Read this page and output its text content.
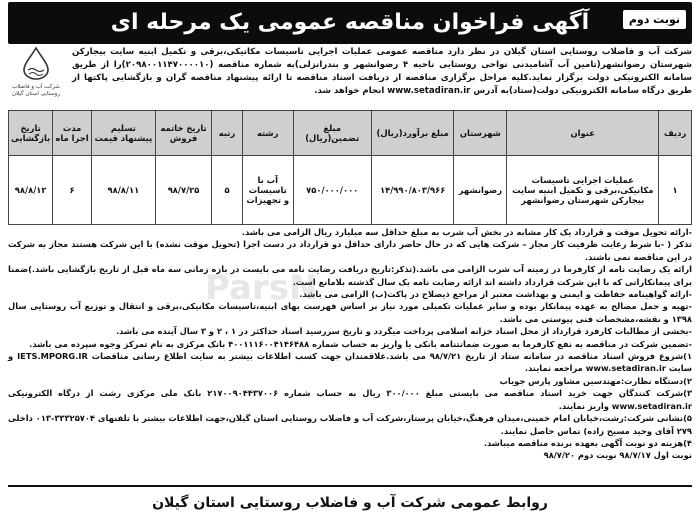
نوبت دوم
آگهی فراخوان مناقصه عمومی یک مرحله ای
شرکت آب و فاضلاب روستایی استان گیلان
شرکت آب و فاضلاب روستایی استان گیلان در نظر دارد مناقصه عمومی عملیات اجرایی تاسیسات مکانیکی،برقی و تکمیل ابنیه سایت بیجارکن شهرستان رضوانشهر(تامین آب آشامیدنی نواحی روستایی ناحیه ۴ رضوانشهر و بندرانزلی)به شماره مناقصه (۲۰۹۸۰۰۱۱۴۷۰۰۰۰۱۰)را از طریق سامانه الکترونیکی دولت برگزار نماید.کلیه مراحل برگزاری مناقصه از دریافت اسناد مناقصه تا ارائه پیشنهاد مناقصه گران و بازگشایی پاکتها از طریق درگاه سامانه الکترونیکی دولت(ستاد)به آدرس www.setadiran.ir انجام خواهد شد.
ردیف	عنوان	شهرستان	مبلغ برآورد(ریال)	مبلغ تضمین(ریال)	رشته	رتبه	تاریخ خاتمه فروش	تسلیم پیشنهاد قیمت	مدت اجرا ماه	تاریخ بازگشایی
۱	عملیات اجرایی تاسیسات مکانیکی،برقی و تکمیل ابنیه سایت بیجارکن شهرستان رضوانشهر	رضوانشهر	۱۴/۹۹۰/۸۰۳/۹۶۶	۷۵۰/۰۰۰/۰۰۰	آب با تاسیسات و تجهیزات	۵	۹۸/۷/۲۵	۹۸/۸/۱۱	۶	۹۸/۸/۱۲

-ارائه تحویل موقت و قرارداد یک کار مشابه در بخش آب شرب به مبلغ حداقل سه میلیارد ریال الزامی می باشد.

تذکر ( -با شرط رعایت ظرفیت کار مجاز – شرکت هایی که در حال حاضر دارای حداقل دو قرارداد در دست اجرا (تحویل موقت نشده) با این شرکت هستند مجاز به شرکت در این مناقصه نمی باشند.

ارائه یک رضایت نامه از کارفرما در زمینه آب شرب الزامی می باشد.(تذکر:تاریخ دریافت رضایت نامه می بایست در بازه زمانی سه ماه قبل از تاریخ بازگشایی باشد.)ضمنا برای پیمانکارانی که با این شرکت قرارداد داشته اند ارائه رضایت نامه یک سال گذشته بلامانع است.

-ارائه گواهینامه حفاظت و ایمنی و بهداشت معتبر از مراجع ذیصلاح در پاکت(ب) الزامی می باشد.

-تهیه و حمل مصالح به عهده پیمانکار بوده و سایر عملیات تکمیلی مورد نیاز بر اساس فهرست بهای ابنیه،تاسیسات مکانیکی،برقی و انتقال و توزیع آب روستایی سال ۱۳۹۸ و نقشه،مشخصات فنی پیوستی می باشد.

-بخشی از مطالبات کارفرد قرارداد از محل اسناد خزانه اسلامی پرداخت میگردد و تاریخ سررسید اسناد حداکثر در ۱ ، ۲ و ۳ سال آینده می باشد.

-تضمین شرکت در مناقصه به نفع کارفرما به صورت ضمانتنامه بانکی یا واریز به حساب شماره ۴۰۰۱۱۱۶۰۰۴۱۴۶۴۸۸ بانک مرکزی به نام تمرکز وجوه سپرده می باشد.

۱)شروع فروش اسناد مناقصه در سامانه ستاد از تاریخ ۹۸/۷/۲۱ می باشد.علاقمندان جهت کسب اطلاعات بیشتر به سایت اطلاع رسانی مناقصات IETS.MPORG.IR و سایت www.setadiran.ir مراجعه نمایند.

۲)دستگاه نظارت:مهندسین مشاور پارس جویاب

۳)شرکت کنندگان جهت خرید اسناد مناقصه می بایستی مبلغ ۳۰۰/۰۰۰ ریال به حساب شماره ۲۱۷۰۰۹۰۴۴۳۷۰۰۶ بانک ملی مرکزی رشت از درگاه الکترونیکی www.setadiran.ir واریز نمایند.

۵)نشانی شرکت:رشت،خیابان امام خمینی،میدان فرهنگ،خیابان پرستار،شرکت آب و فاضلاب روستایی استان گیلان،جهت اطلاعات بیشتر با تلفنهای ۳۳۳۲۵۷۰۴-۰۱۳ داخلی ۲۷۹ آقای وحید مسیح زاده) تماس حاصل نمایند.

۴)هزینه دو نوبت آگهی بعهده برنده مناقصه میباشد.

نوبت اول ۹۸/۷/۱۷ نوبت دوم ۹۸/۷/۲۰

ParsN
روابط عمومی شرکت آب و فاضلاب روستایی استان گیلان
